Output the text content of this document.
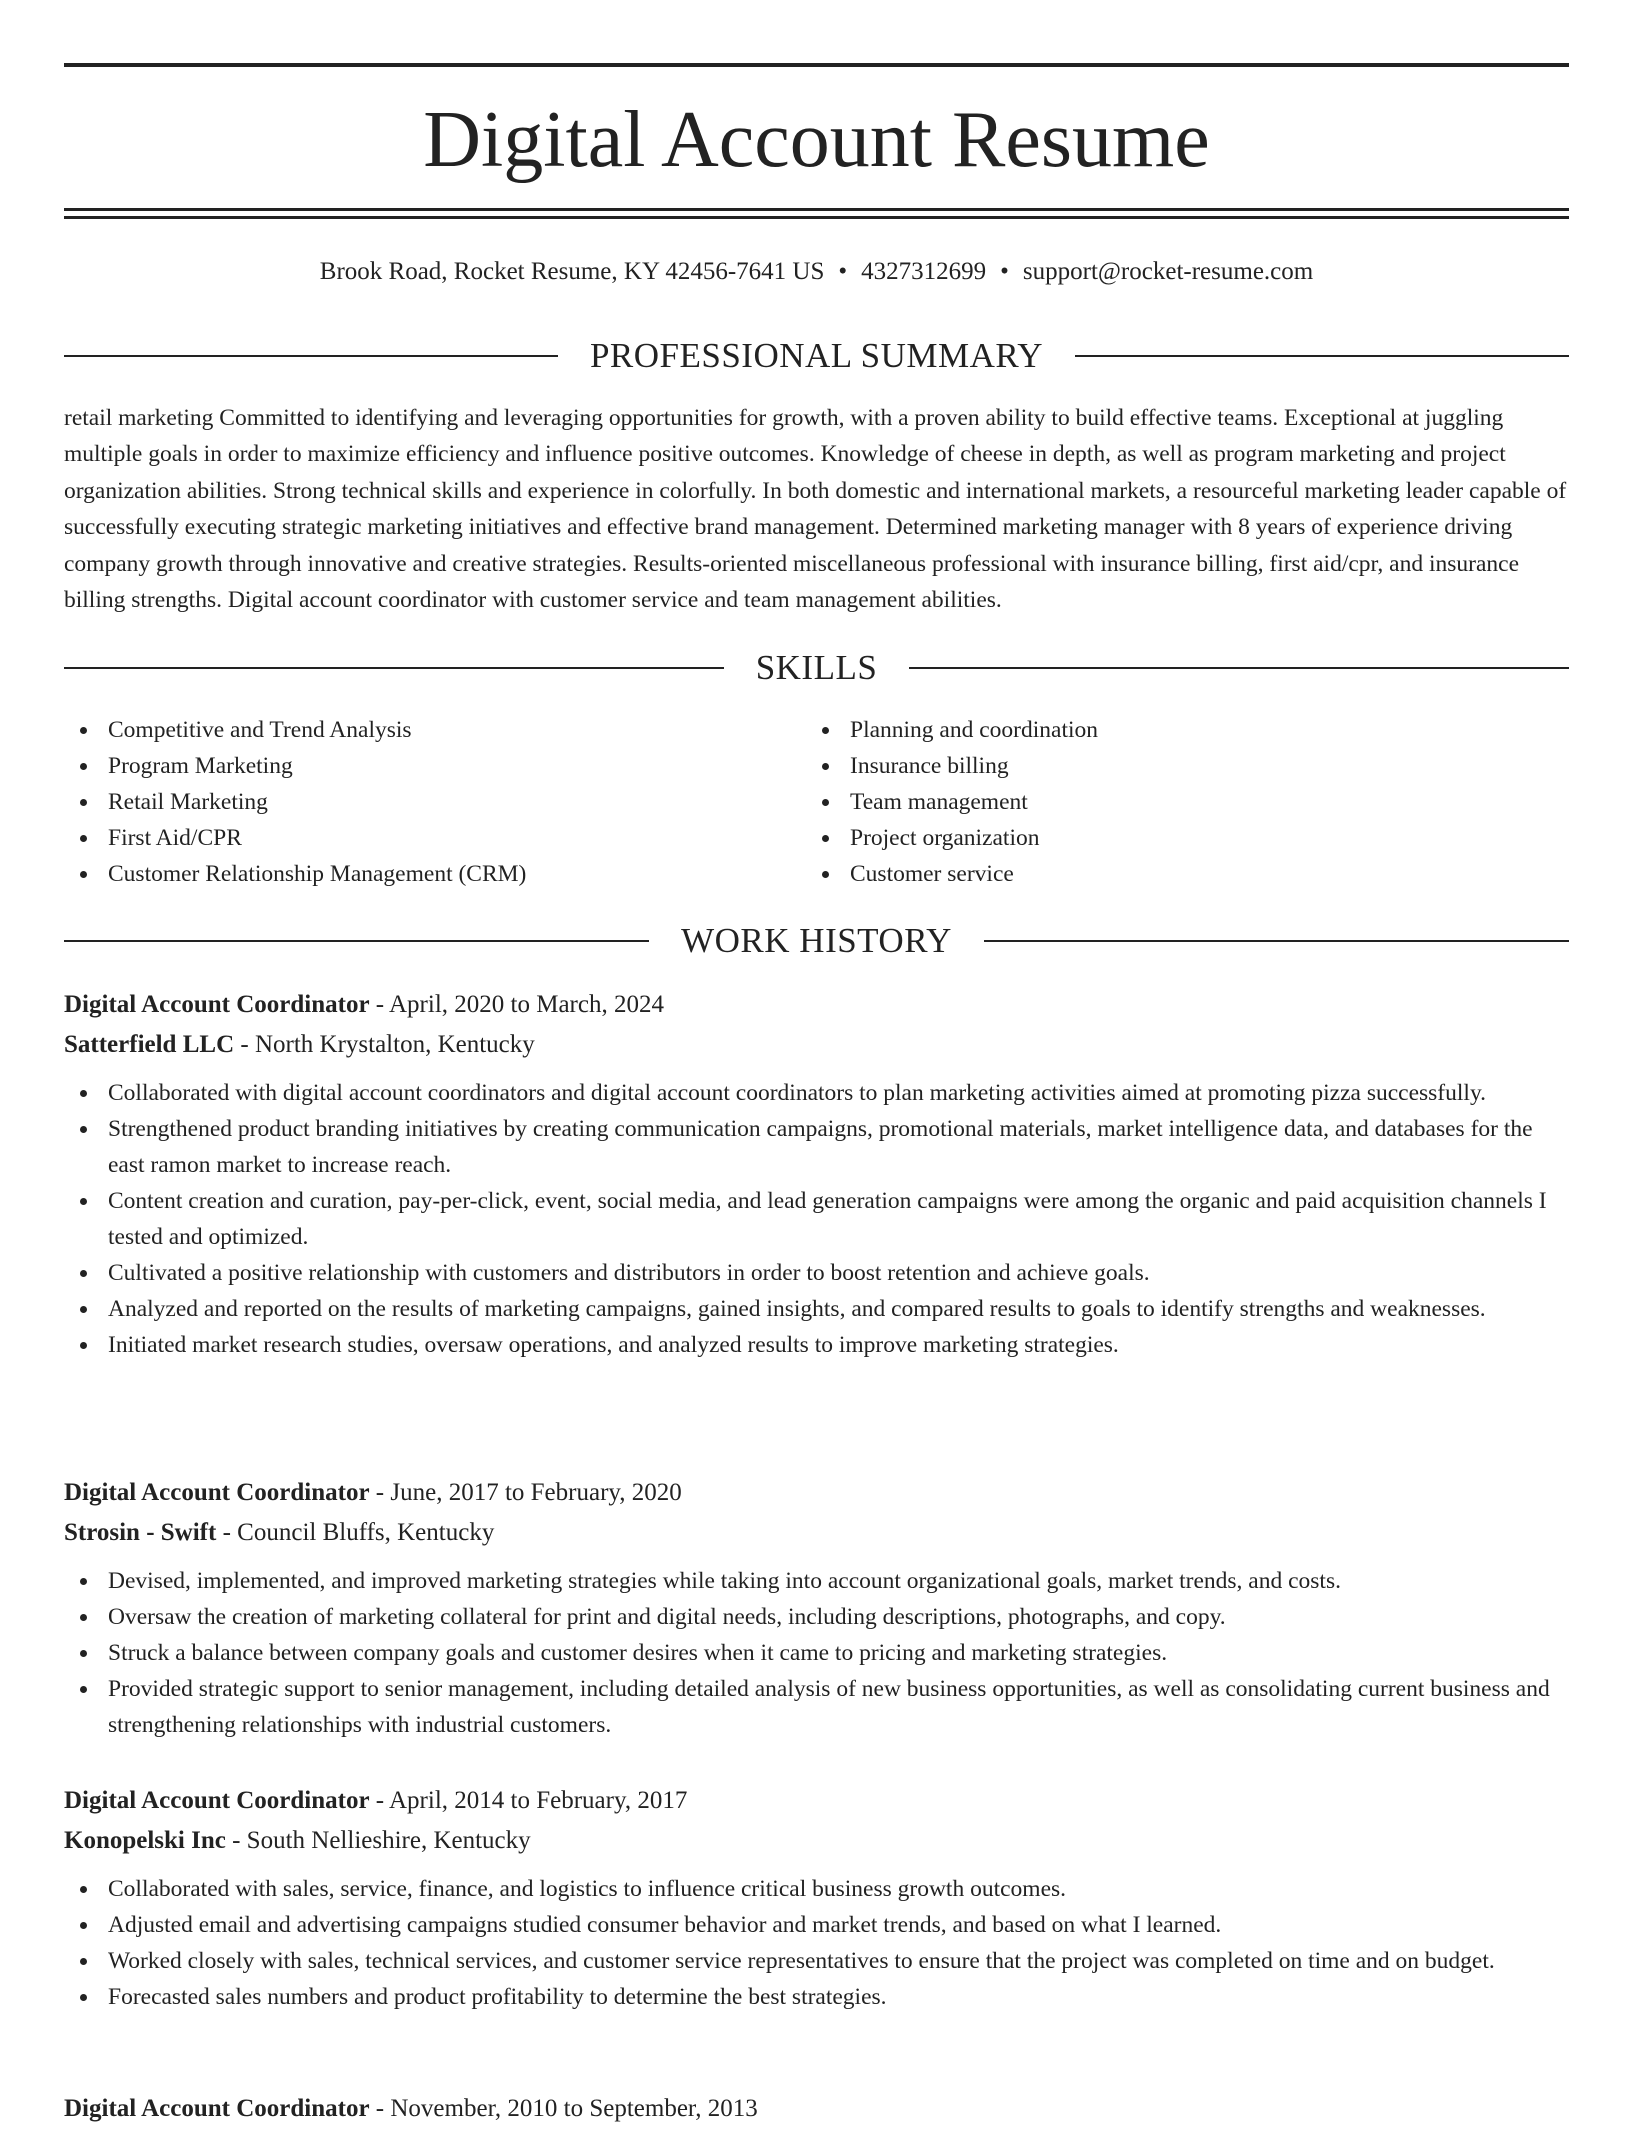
Digital Account Resume
Brook Road, Rocket Resume, KY 42456-7641 US • 4327312699 • support@rocket-resume.com
PROFESSIONAL SUMMARY

retail marketing Committed to identifying and leveraging opportunities for growth, with a proven ability to build effective teams. Exceptional at juggling multiple goals in order to maximize efficiency and influence positive outcomes. Knowledge of cheese in depth, as well as program marketing and project organization abilities. Strong technical skills and experience in colorfully. In both domestic and international markets, a resourceful marketing leader capable of successfully executing strategic marketing initiatives and effective brand management. Determined marketing manager with 8 years of experience driving company growth through innovative and creative strategies. Results-oriented miscellaneous professional with insurance billing, first aid/cpr, and insurance billing strengths. Digital account coordinator with customer service and team management abilities.

SKILLS
Competitive and Trend Analysis
Program Marketing
Retail Marketing
First Aid/CPR
Customer Relationship Management (CRM)
Planning and coordination
Insurance billing
Team management
Project organization
Customer service
WORK HISTORY
Digital Account Coordinator - April, 2020 to March, 2024
Satterfield LLC - North Krystalton, Kentucky
Collaborated with digital account coordinators and digital account coordinators to plan marketing activities aimed at promoting pizza successfully.
Strengthened product branding initiatives by creating communication campaigns, promotional materials, market intelligence data, and databases for the east ramon market to increase reach.
Content creation and curation, pay-per-click, event, social media, and lead generation campaigns were among the organic and paid acquisition channels I tested and optimized.
Cultivated a positive relationship with customers and distributors in order to boost retention and achieve goals.
Analyzed and reported on the results of marketing campaigns, gained insights, and compared results to goals to identify strengths and weaknesses.
Initiated market research studies, oversaw operations, and analyzed results to improve marketing strategies.
Digital Account Coordinator - June, 2017 to February, 2020
Strosin - Swift - Council Bluffs, Kentucky
Devised, implemented, and improved marketing strategies while taking into account organizational goals, market trends, and costs.
Oversaw the creation of marketing collateral for print and digital needs, including descriptions, photographs, and copy.
Struck a balance between company goals and customer desires when it came to pricing and marketing strategies.
Provided strategic support to senior management, including detailed analysis of new business opportunities, as well as consolidating current business and strengthening relationships with industrial customers.
Digital Account Coordinator - April, 2014 to February, 2017
Konopelski Inc - South Nellieshire, Kentucky
Collaborated with sales, service, finance, and logistics to influence critical business growth outcomes.
Adjusted email and advertising campaigns studied consumer behavior and market trends, and based on what I learned.
Worked closely with sales, technical services, and customer service representatives to ensure that the project was completed on time and on budget.
Forecasted sales numbers and product profitability to determine the best strategies.
Digital Account Coordinator - November, 2010 to September, 2013
